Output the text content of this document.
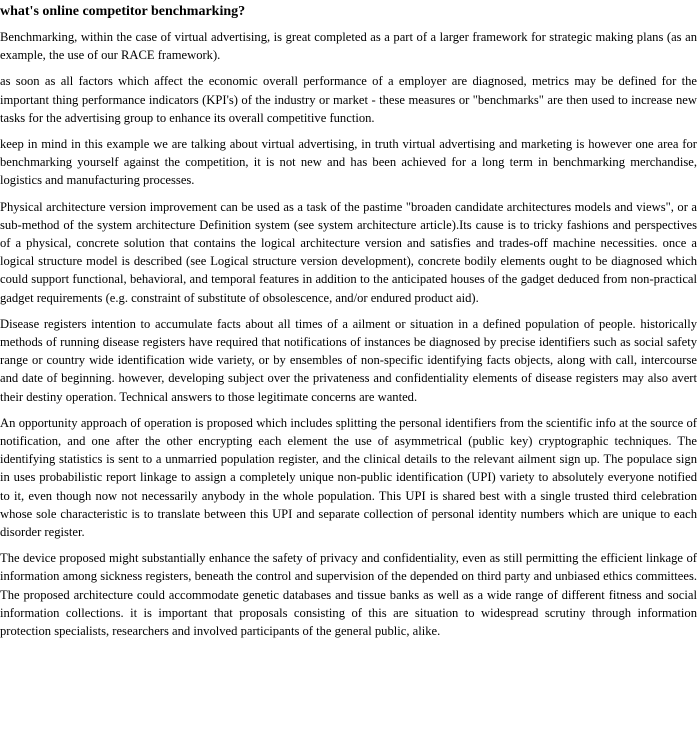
what's online competitor benchmarking?

Benchmarking, within the case of virtual advertising, is great completed as a part of a larger framework for strategic making plans (as an example, the use of our RACE framework).

as soon as all factors which affect the economic overall performance of a employer are diagnosed, metrics may be defined for the important thing performance indicators (KPI's) of the industry or market - these measures or "benchmarks" are then used to increase new tasks for the advertising group to enhance its overall competitive function.

keep in mind in this example we are talking about virtual advertising, in truth virtual advertising and marketing is however one area for benchmarking yourself against the competition, it is not new and has been achieved for a long term in benchmarking merchandise, logistics and manufacturing processes.

Physical architecture version improvement can be used as a task of the pastime "broaden candidate architectures models and views", or a sub-method of the system architecture Definition system (see system architecture article).Its cause is to tricky fashions and perspectives of a physical, concrete solution that contains the logical architecture version and satisfies and trades-off machine necessities. once a logical structure model is described (see Logical structure version development), concrete bodily elements ought to be diagnosed which could support functional, behavioral, and temporal features in addition to the anticipated houses of the gadget deduced from non-practical gadget requirements (e.g. constraint of substitute of obsolescence, and/or endured product aid).

Disease registers intention to accumulate facts about all times of a ailment or situation in a defined population of people. historically methods of running disease registers have required that notifications of instances be diagnosed by precise identifiers such as social safety range or country wide identification wide variety, or by ensembles of non-specific identifying facts objects, along with call, intercourse and date of beginning. however, developing subject over the privateness and confidentiality elements of disease registers may also avert their destiny operation. Technical answers to those legitimate concerns are wanted.

An opportunity approach of operation is proposed which includes splitting the personal identifiers from the scientific info at the source of notification, and one after the other encrypting each element the use of asymmetrical (public key) cryptographic techniques. The identifying statistics is sent to a unmarried population register, and the clinical details to the relevant ailment sign up. The populace sign in uses probabilistic report linkage to assign a completely unique non-public identification (UPI) variety to absolutely everyone notified to it, even though now not necessarily anybody in the whole population. This UPI is shared best with a single trusted third celebration whose sole characteristic is to translate between this UPI and separate collection of personal identity numbers which are unique to each disorder register.

The device proposed might substantially enhance the safety of privacy and confidentiality, even as still permitting the efficient linkage of information among sickness registers, beneath the control and supervision of the depended on third party and unbiased ethics committees. The proposed architecture could accommodate genetic databases and tissue banks as well as a wide range of different fitness and social information collections. it is important that proposals consisting of this are situation to widespread scrutiny through information protection specialists, researchers and involved participants of the general public, alike.
